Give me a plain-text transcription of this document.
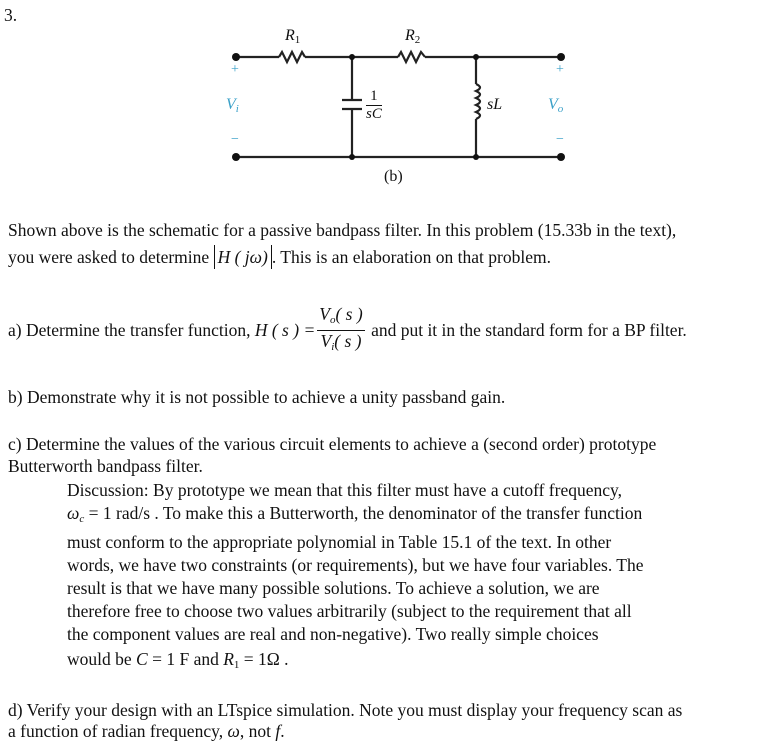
3.
$R_1$	$R_2$
1
sC
sL
+
$V_i$
−
+
$V_o$
−
(b)
Shown above is the schematic for a passive bandpass filter. In this problem (15.33b in the text),
you were asked to determine H ( jω) . This is an elaboration on that problem.
a) Determine the transfer function,
H ( s ) = $\frac{V_o( s )}{V_i( s )}$
and put it in the standard form for a BP filter.
b) Demonstrate why it is not possible to achieve a unity passband gain.
c) Determine the values of the various circuit elements to achieve a (second order) prototype
Butterworth bandpass filter.
Discussion: By prototype we mean that this filter must have a cutoff frequency,
$\omega_c = 1$ rad/s . To make this a Butterworth, the denominator of the transfer function
must conform to the appropriate polynomial in Table 15.1 of the text. In other
words, we have two constraints (or requirements), but we have four variables. The
result is that we have many possible solutions. To achieve a solution, we are
therefore free to choose two values arbitrarily (subject to the requirement that all
the component values are real and non-negative). Two really simple choices
would be C = 1 F and $R_1 = 1\Omega$ .
d) Verify your design with an LTspice simulation. Note you must display your frequency scan as
a function of radian frequency, ω, not f.
